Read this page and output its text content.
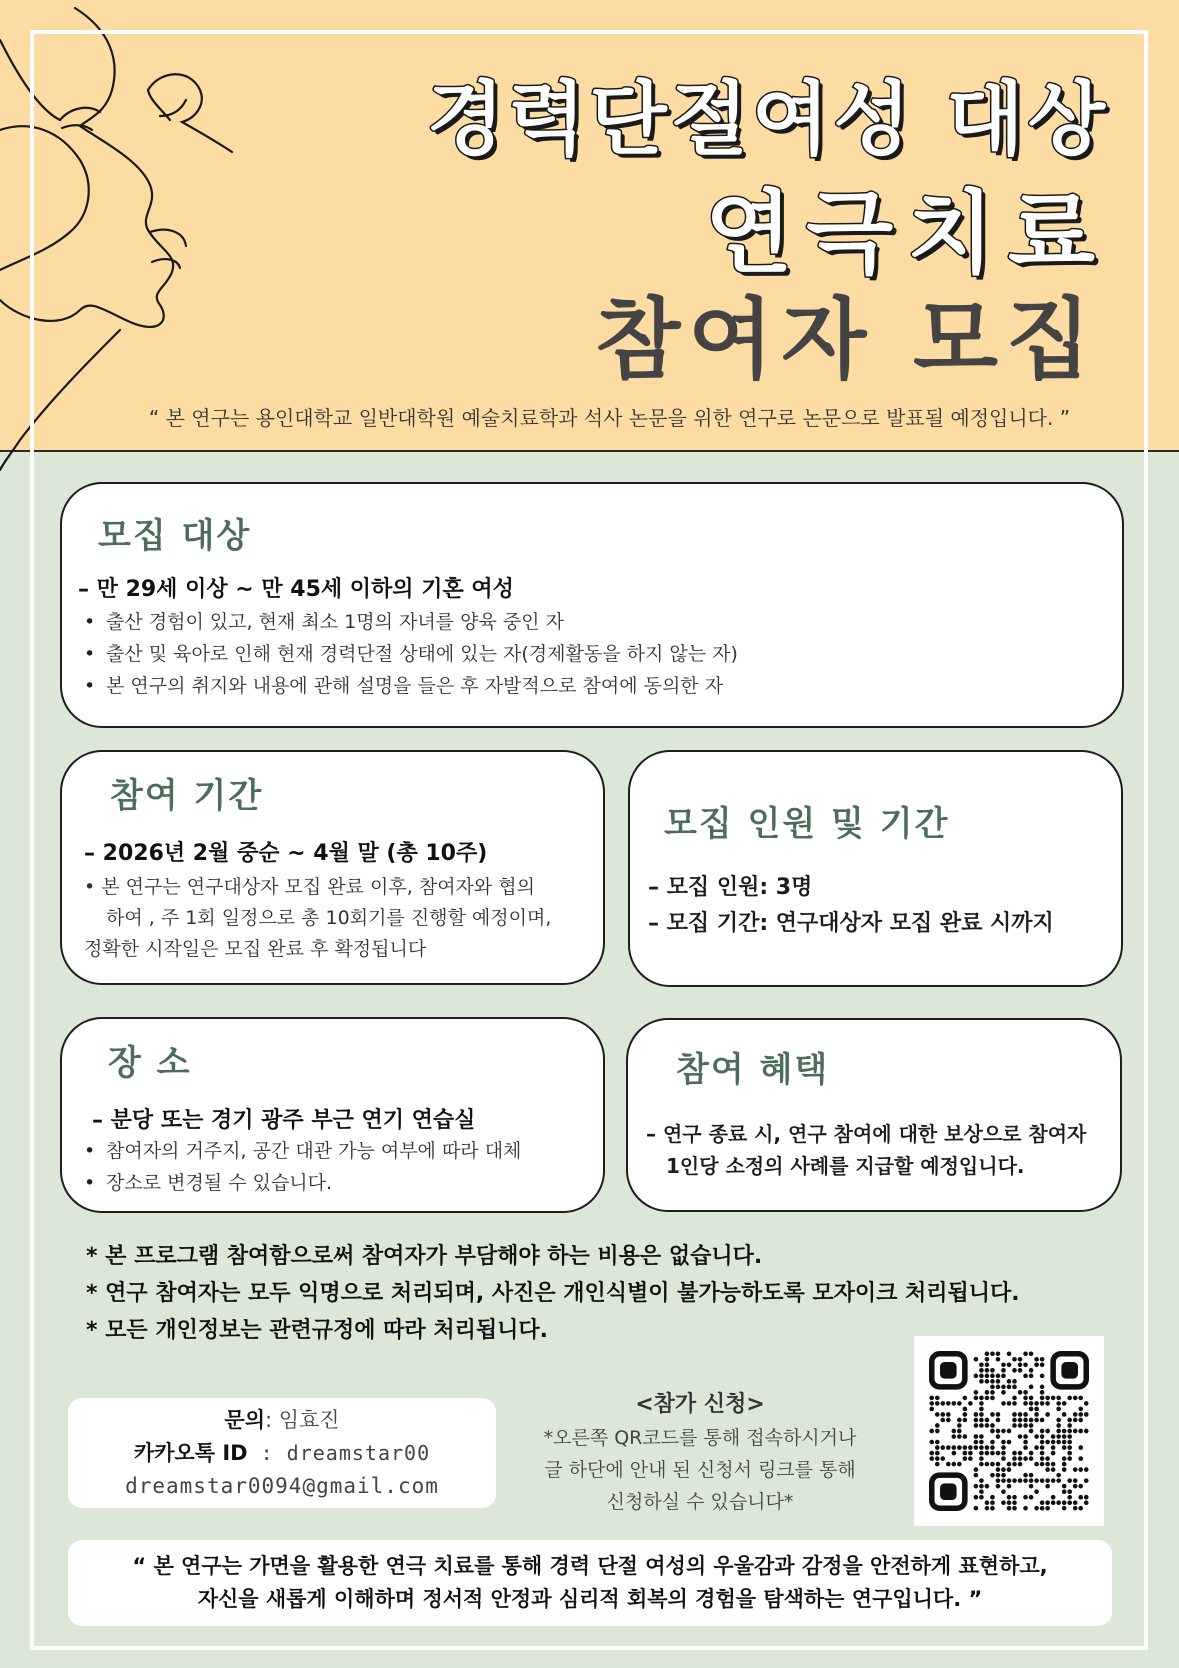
경력단절여성 대상
연극치료
참여자 모집
“ 본 연구는 용인대학교 일반대학원 예술치료학과 석사 논문을 위한 연구로 논문으로 발표될 예정입니다. ”
모집 대상
– 만 29세 이상 ~ 만 45세 이하의 기혼 여성
• 출산 경험이 있고, 현재 최소 1명의 자녀를 양육 중인 자
• 출산 및 육아로 인해 현재 경력단절 상태에 있는 자(경제활동을 하지 않는 자)
• 본 연구의 취지와 내용에 관해 설명을 들은 후 자발적으로 참여에 동의한 자
참여 기간
– 2026년 2월 중순 ~ 4월 말 (총 10주)
• 본 연구는 연구대상자 모집 완료 이후, 참여자와 협의
하여 , 주 1회 일정으로 총 10회기를 진행할 예정이며,
정확한 시작일은 모집 완료 후 확정됩니다
모집 인원 및 기간
– 모집 인원: 3명
– 모집 기간: 연구대상자 모집 완료 시까지
장 소
– 분당 또는 경기 광주 부근 연기 연습실
• 참여자의 거주지, 공간 대관 가능 여부에 따라 대체
• 장소로 변경될 수 있습니다.
참여 혜택
– 연구 종료 시, 연구 참여에 대한 보상으로 참여자
1인당 소정의 사례를 지급할 예정입니다.
* 본 프로그램 참여함으로써 참여자가 부담해야 하는 비용은 없습니다.
* 연구 참여자는 모두 익명으로 처리되며, 사진은 개인식별이 불가능하도록 모자이크 처리됩니다.
* 모든 개인정보는 관련규정에 따라 처리됩니다.
문의: 임효진
카카오톡 ID : dreamstar00
dreamstar0094@gmail.com
<참가 신청>
*오른쪽 QR코드를 통해 접속하시거나
글 하단에 안내 된 신청서 링크를 통해
신청하실 수 있습니다*
“ 본 연구는 가면을 활용한 연극 치료를 통해 경력 단절 여성의 우울감과 감정을 안전하게 표현하고,
자신을 새롭게 이해하며 정서적 안정과 심리적 회복의 경험을 탐색하는 연구입니다. ”
